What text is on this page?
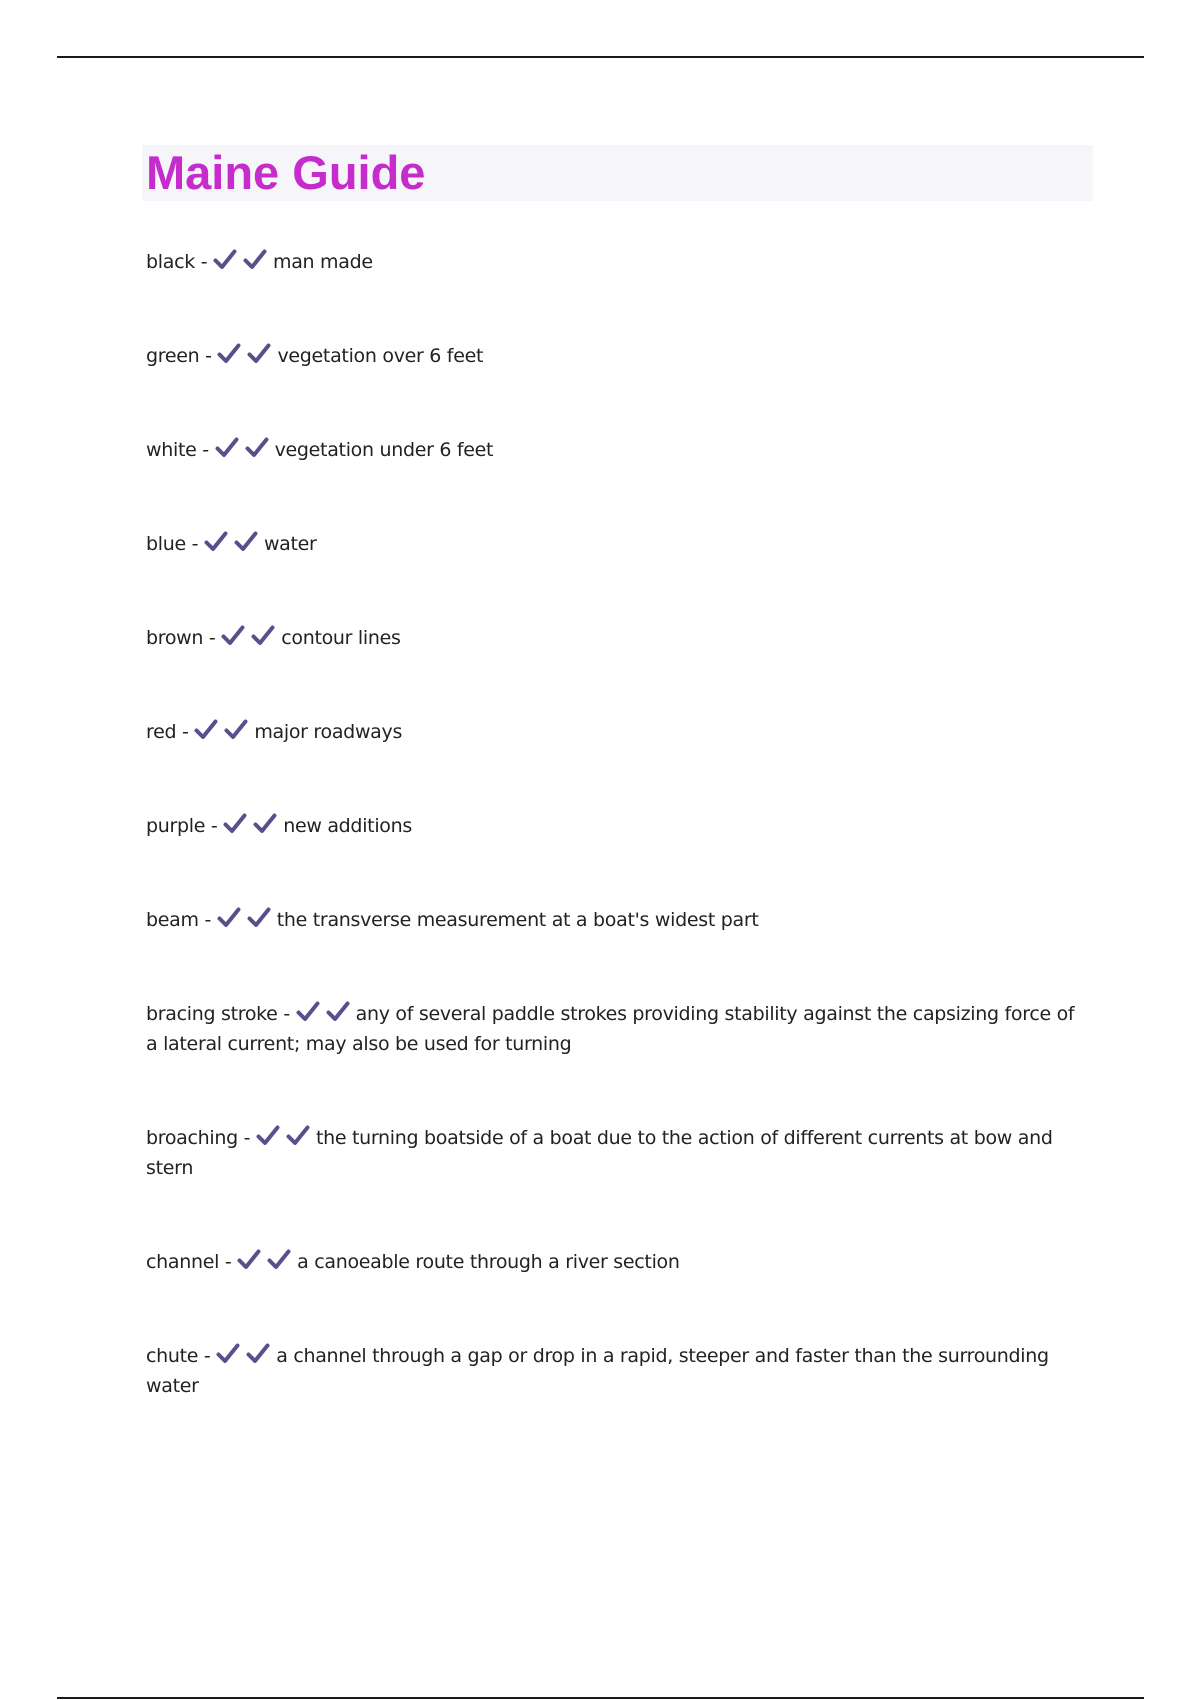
Maine Guide
black -	man made
green -	vegetation over 6 feet
white -	vegetation under 6 feet
blue -	water
brown -	contour lines
red -	major roadways
purple -	new additions
beam -	the transverse measurement at a boat's widest part
bracing stroke -	any of several paddle strokes providing stability against the capsizing force of a lateral current; may also be used for turning
broaching -	the turning boatside of a boat due to the action of different currents at bow and stern
channel -	a canoeable route through a river section
chute -	a channel through a gap or drop in a rapid, steeper and faster than the surrounding water
